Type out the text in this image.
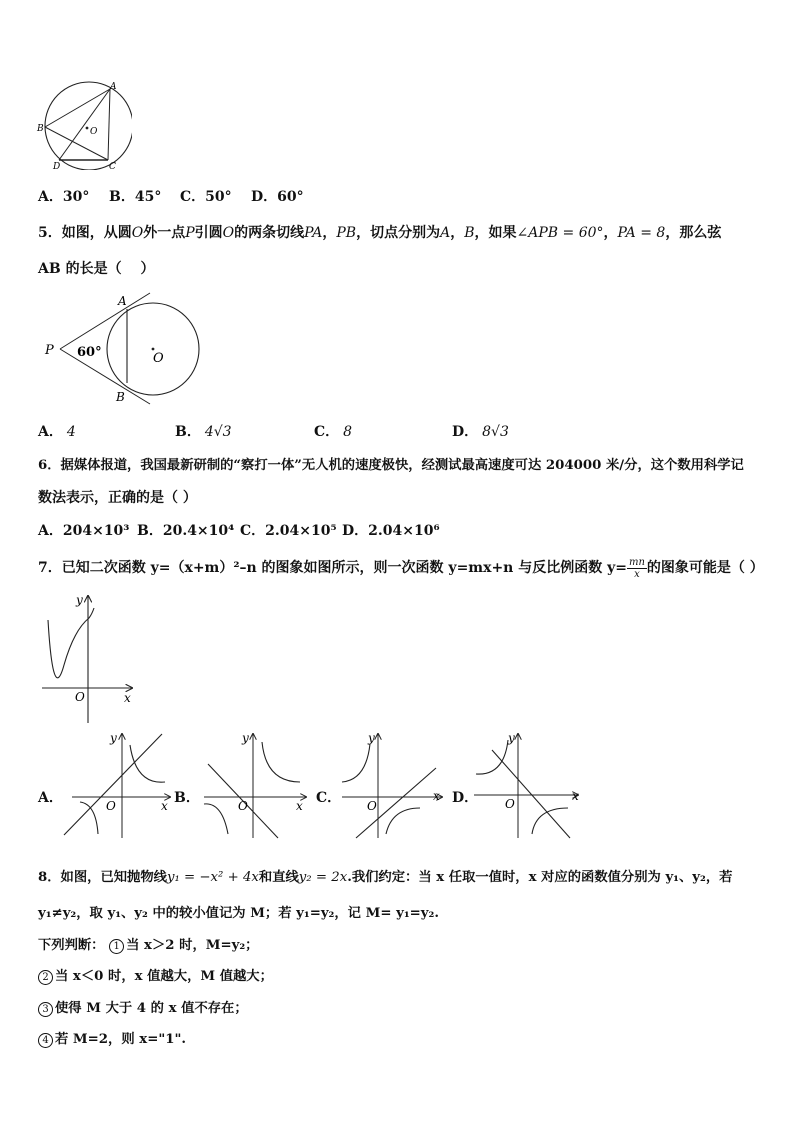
A
B
C
D
O
A．30° B．45° C．50° D．60°
5．如图，从圆O外一点P引圆O的两条切线PA，PB，切点分别为A，B，如果∠APB = 60°，PA = 8，那么弦
AB 的长是（　 ）
A
B
P
O
60°
A． 4	B． 4√3	C． 8	D． 8√3
6．据媒体报道，我国最新研制的“察打一体”无人机的速度极快，经测试最高速度可达 204000 米/分，这个数用科学记
数法表示，正确的是（ ）
A．204×10³ B．20.4×10⁴ C．2.04×10⁵ D．2.04×10⁶
7．已知二次函数 y=（x+m）²–n 的图象如图所示，则一次函数 y=mx+n 与反比例函数 $y= \frac{mn}{x}$ 的图象可能是（ ）
y
x
O
A．
y
x
O	B．
y
x
O	C．
y
x
O	D．
y
x
O
8．如图，已知抛物线y₁ = −x² + 4x和直线y₂ = 2x.我们约定：当 x 任取一值时，x 对应的函数值分别为 y₁、y₂，若
y₁≠y₂，取 y₁、y₂ 中的较小值记为 M；若 y₁=y₂，记 M= y₁=y₂.
下列判断： 1 当 x＞2 时，M=y₂；
2 当 x＜0 时，x 值越大，M 值越大；
3 使得 M 大于 4 的 x 值不存在；
4 若 M=2，则 x="1".
